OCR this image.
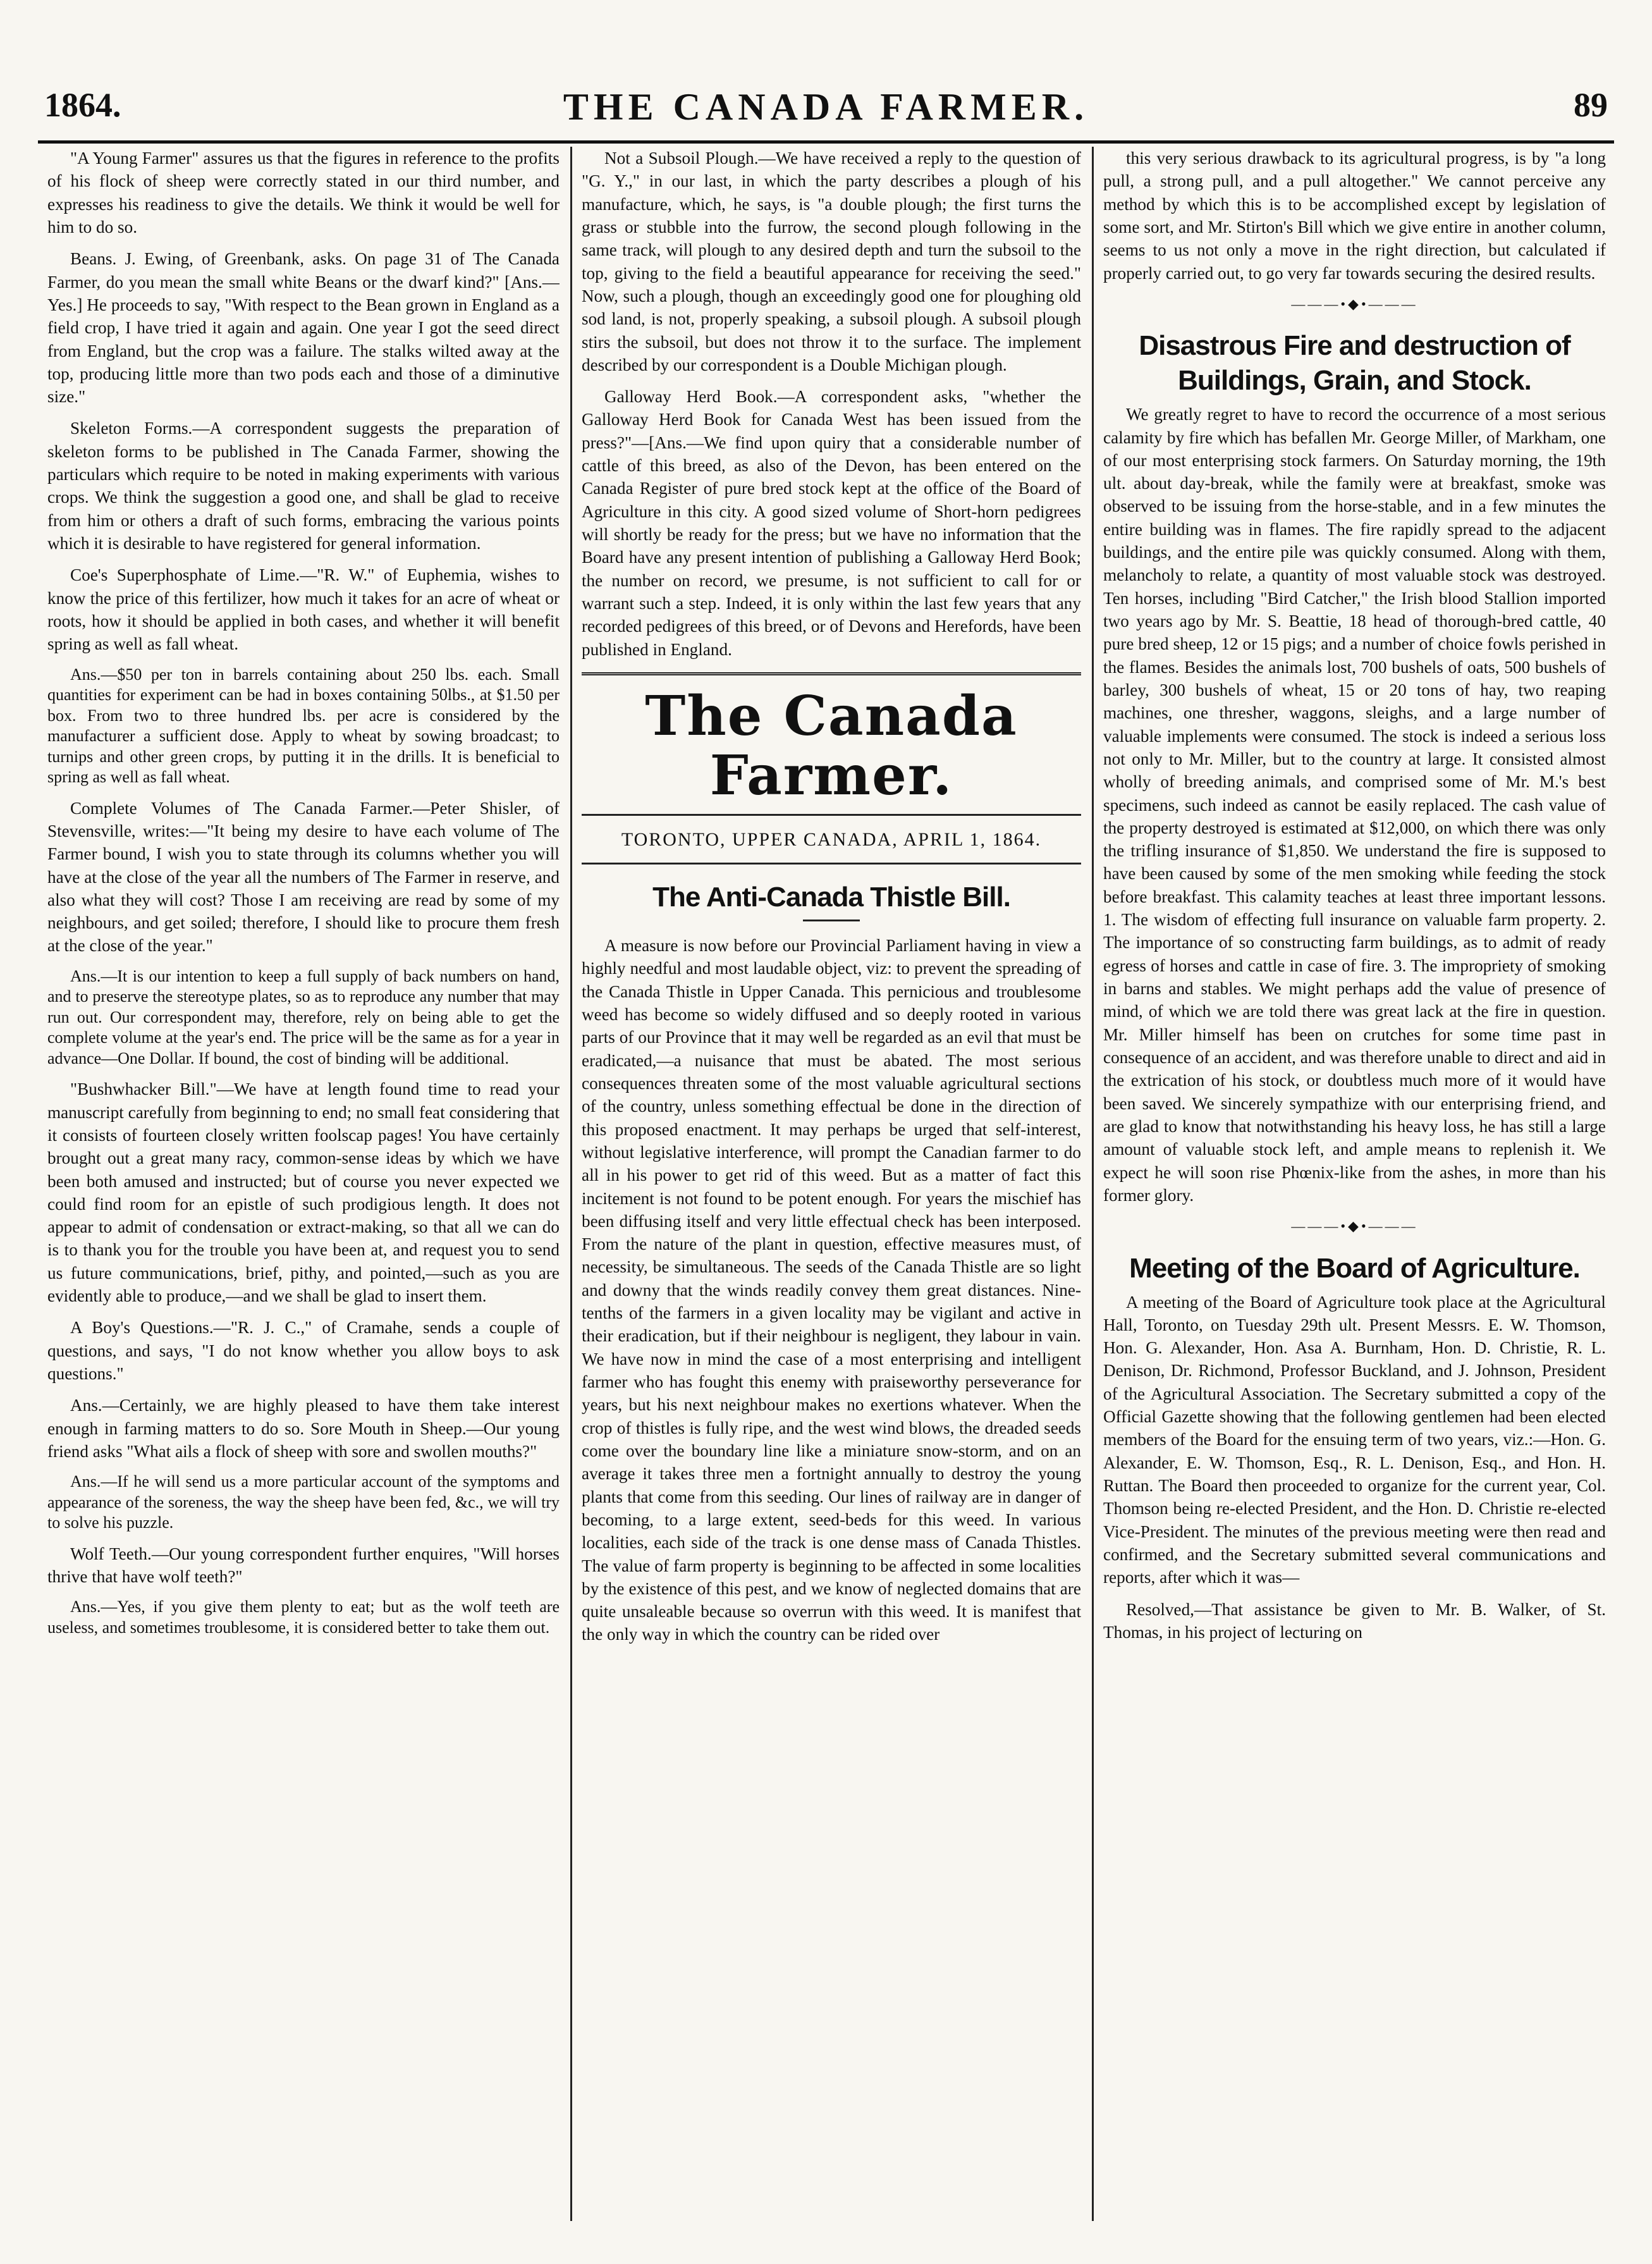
1864.	THE CANADA FARMER.	89

"A Young Farmer" assures us that the figures in reference to the profits of his flock of sheep were correctly stated in our third number, and expresses his readiness to give the details. We think it would be well for him to do so.

Beans. J. Ewing, of Greenbank, asks. On page 31 of The Canada Farmer, do you mean the small white Beans or the dwarf kind?" [Ans.—Yes.] He proceeds to say, "With respect to the Bean grown in England as a field crop, I have tried it again and again. One year I got the seed direct from England, but the crop was a failure. The stalks wilted away at the top, producing little more than two pods each and those of a diminutive size."

Skeleton Forms.—A correspondent suggests the preparation of skeleton forms to be published in The Canada Farmer, showing the particulars which require to be noted in making experiments with various crops. We think the suggestion a good one, and shall be glad to receive from him or others a draft of such forms, embracing the various points which it is desirable to have registered for general information.

Coe's Superphosphate of Lime.—"R. W." of Euphemia, wishes to know the price of this fertilizer, how much it takes for an acre of wheat or roots, how it should be applied in both cases, and whether it will benefit spring as well as fall wheat.

Ans.—$50 per ton in barrels containing about 250 lbs. each. Small quantities for experiment can be had in boxes containing 50lbs., at $1.50 per box. From two to three hundred lbs. per acre is considered by the manufacturer a sufficient dose. Apply to wheat by sowing broadcast; to turnips and other green crops, by putting it in the drills. It is beneficial to spring as well as fall wheat.

Complete Volumes of The Canada Farmer.—Peter Shisler, of Stevensville, writes:—"It being my desire to have each volume of The Farmer bound, I wish you to state through its columns whether you will have at the close of the year all the numbers of The Farmer in reserve, and also what they will cost? Those I am receiving are read by some of my neighbours, and get soiled; therefore, I should like to procure them fresh at the close of the year."

Ans.—It is our intention to keep a full supply of back numbers on hand, and to preserve the stereotype plates, so as to reproduce any number that may run out. Our correspondent may, therefore, rely on being able to get the complete volume at the year's end. The price will be the same as for a year in advance—One Dollar. If bound, the cost of binding will be additional.

"Bushwhacker Bill."—We have at length found time to read your manuscript carefully from beginning to end; no small feat considering that it consists of fourteen closely written foolscap pages! You have certainly brought out a great many racy, common-sense ideas by which we have been both amused and instructed; but of course you never expected we could find room for an epistle of such prodigious length. It does not appear to admit of condensation or extract-making, so that all we can do is to thank you for the trouble you have been at, and request you to send us future communications, brief, pithy, and pointed,—such as you are evidently able to produce,—and we shall be glad to insert them.

A Boy's Questions.—"R. J. C.," of Cramahe, sends a couple of questions, and says, "I do not know whether you allow boys to ask questions."

Ans.—Certainly, we are highly pleased to have them take interest enough in farming matters to do so. Sore Mouth in Sheep.—Our young friend asks "What ails a flock of sheep with sore and swollen mouths?"

Ans.—If he will send us a more particular account of the symptoms and appearance of the soreness, the way the sheep have been fed, &c., we will try to solve his puzzle.

Wolf Teeth.—Our young correspondent further enquires, "Will horses thrive that have wolf teeth?"

Ans.—Yes, if you give them plenty to eat; but as the wolf teeth are useless, and sometimes troublesome, it is considered better to take them out.

Not a Subsoil Plough.—We have received a reply to the question of "G. Y.," in our last, in which the party describes a plough of his manufacture, which, he says, is "a double plough; the first turns the grass or stubble into the furrow, the second plough following in the same track, will plough to any desired depth and turn the subsoil to the top, giving to the field a beautiful appearance for receiving the seed." Now, such a plough, though an exceedingly good one for ploughing old sod land, is not, properly speaking, a subsoil plough. A subsoil plough stirs the subsoil, but does not throw it to the surface. The implement described by our correspondent is a Double Michigan plough.

Galloway Herd Book.—A correspondent asks, "whether the Galloway Herd Book for Canada West has been issued from the press?"—[Ans.—We find upon quiry that a considerable number of cattle of this breed, as also of the Devon, has been entered on the Canada Register of pure bred stock kept at the office of the Board of Agriculture in this city. A good sized volume of Short-horn pedigrees will shortly be ready for the press; but we have no information that the Board have any present intention of publishing a Galloway Herd Book; the number on record, we presume, is not sufficient to call for or warrant such a step. Indeed, it is only within the last few years that any recorded pedigrees of this breed, or of Devons and Herefords, have been published in England.

The Canada Farmer.
TORONTO, UPPER CANADA, APRIL 1, 1864.
The Anti-Canada Thistle Bill.

A measure is now before our Provincial Parliament having in view a highly needful and most laudable object, viz: to prevent the spreading of the Canada Thistle in Upper Canada. This pernicious and troublesome weed has become so widely diffused and so deeply rooted in various parts of our Province that it may well be regarded as an evil that must be eradicated,—a nuisance that must be abated. The most serious consequences threaten some of the most valuable agricultural sections of the country, unless something effectual be done in the direction of this proposed enactment. It may perhaps be urged that self-interest, without legislative interference, will prompt the Canadian farmer to do all in his power to get rid of this weed. But as a matter of fact this incitement is not found to be potent enough. For years the mischief has been diffusing itself and very little effectual check has been interposed. From the nature of the plant in question, effective measures must, of necessity, be simultaneous. The seeds of the Canada Thistle are so light and downy that the winds readily convey them great distances. Nine-tenths of the farmers in a given locality may be vigilant and active in their eradication, but if their neighbour is negligent, they labour in vain. We have now in mind the case of a most enterprising and intelligent farmer who has fought this enemy with praiseworthy perseverance for years, but his next neighbour makes no exertions whatever. When the crop of thistles is fully ripe, and the west wind blows, the dreaded seeds come over the boundary line like a miniature snow-storm, and on an average it takes three men a fortnight annually to destroy the young plants that come from this seeding. Our lines of railway are in danger of becoming, to a large extent, seed-beds for this weed. In various localities, each side of the track is one dense mass of Canada Thistles. The value of farm property is beginning to be affected in some localities by the existence of this pest, and we know of neglected domains that are quite unsaleable because so overrun with this weed. It is manifest that the only way in which the country can be rided over

this very serious drawback to its agricultural progress, is by "a long pull, a strong pull, and a pull altogether." We cannot perceive any method by which this is to be accomplished except by legislation of some sort, and Mr. Stirton's Bill which we give entire in another column, seems to us not only a move in the right direction, but calculated if properly carried out, to go very far towards securing the desired results.

———•◆•———
Disastrous Fire and destruction of Buildings, Grain, and Stock.

We greatly regret to have to record the occurrence of a most serious calamity by fire which has befallen Mr. George Miller, of Markham, one of our most enterprising stock farmers. On Saturday morning, the 19th ult. about day-break, while the family were at breakfast, smoke was observed to be issuing from the horse-stable, and in a few minutes the entire building was in flames. The fire rapidly spread to the adjacent buildings, and the entire pile was quickly consumed. Along with them, melancholy to relate, a quantity of most valuable stock was destroyed. Ten horses, including "Bird Catcher," the Irish blood Stallion imported two years ago by Mr. S. Beattie, 18 head of thorough-bred cattle, 40 pure bred sheep, 12 or 15 pigs; and a number of choice fowls perished in the flames. Besides the animals lost, 700 bushels of oats, 500 bushels of barley, 300 bushels of wheat, 15 or 20 tons of hay, two reaping machines, one thresher, waggons, sleighs, and a large number of valuable implements were consumed. The stock is indeed a serious loss not only to Mr. Miller, but to the country at large. It consisted almost wholly of breeding animals, and comprised some of Mr. M.'s best specimens, such indeed as cannot be easily replaced. The cash value of the property destroyed is estimated at $12,000, on which there was only the trifling insurance of $1,850. We understand the fire is supposed to have been caused by some of the men smoking while feeding the stock before breakfast. This calamity teaches at least three important lessons. 1. The wisdom of effecting full insurance on valuable farm property. 2. The importance of so constructing farm buildings, as to admit of ready egress of horses and cattle in case of fire. 3. The impropriety of smoking in barns and stables. We might perhaps add the value of presence of mind, of which we are told there was great lack at the fire in question. Mr. Miller himself has been on crutches for some time past in consequence of an accident, and was therefore unable to direct and aid in the extrication of his stock, or doubtless much more of it would have been saved. We sincerely sympathize with our enterprising friend, and are glad to know that notwithstanding his heavy loss, he has still a large amount of valuable stock left, and ample means to replenish it. We expect he will soon rise Phœnix-like from the ashes, in more than his former glory.

———•◆•———
Meeting of the Board of Agriculture.

A meeting of the Board of Agriculture took place at the Agricultural Hall, Toronto, on Tuesday 29th ult. Present Messrs. E. W. Thomson, Hon. G. Alexander, Hon. Asa A. Burnham, Hon. D. Christie, R. L. Denison, Dr. Richmond, Professor Buckland, and J. Johnson, President of the Agricultural Association. The Secretary submitted a copy of the Official Gazette showing that the following gentlemen had been elected members of the Board for the ensuing term of two years, viz.:—Hon. G. Alexander, E. W. Thomson, Esq., R. L. Denison, Esq., and Hon. H. Ruttan. The Board then proceeded to organize for the current year, Col. Thomson being re-elected President, and the Hon. D. Christie re-elected Vice-President. The minutes of the previous meeting were then read and confirmed, and the Secretary submitted several communications and reports, after which it was—

Resolved,—That assistance be given to Mr. B. Walker, of St. Thomas, in his project of lecturing on
